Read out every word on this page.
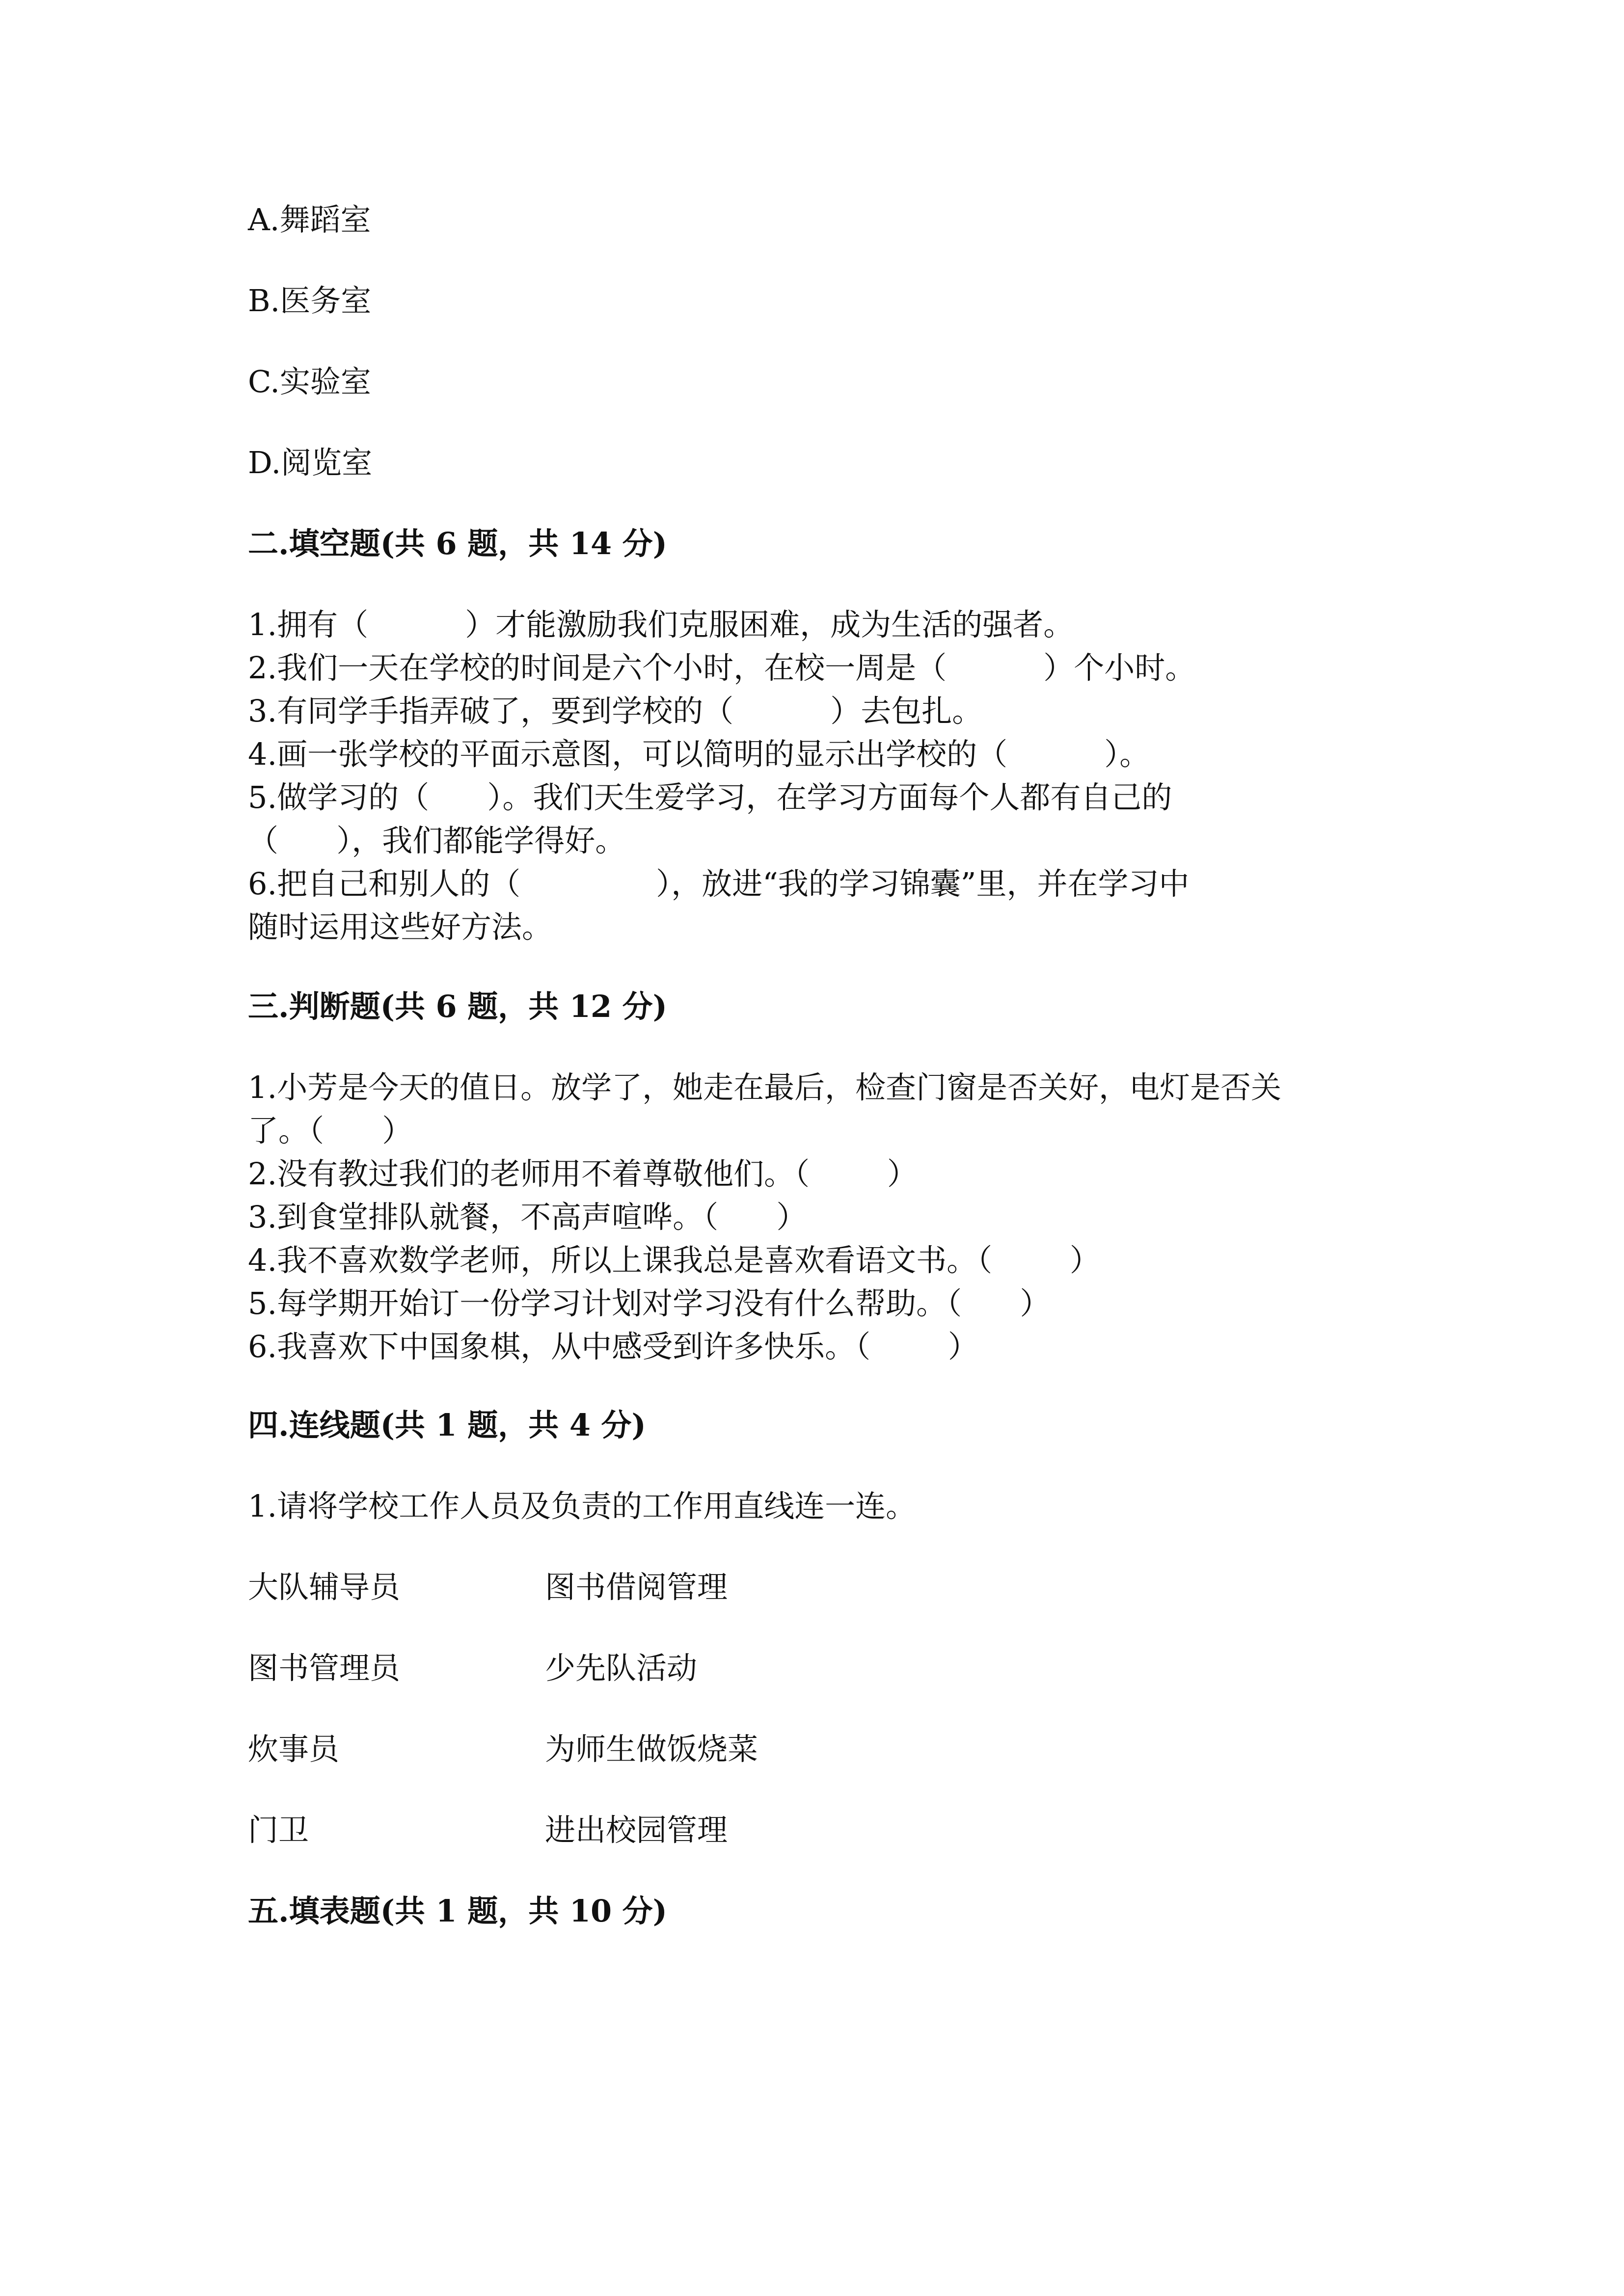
A.舞蹈室
B.医务室
C.实验室
D.阅览室
二.填空题(共 6 题，共 14 分)
1.拥有（          ）才能激励我们克服困难，成为生活的强者。
2.我们一天在学校的时间是六个小时，在校一周是（          ）个小时。
3.有同学手指弄破了，要到学校的（          ）去包扎。
4.画一张学校的平面示意图，可以简明的显示出学校的（          ）。
5.做学习的（      ）。我们天生爱学习，在学习方面每个人都有自己的
（      ），我们都能学得好。
6.把自己和别人的（              ），放进“我的学习锦囊”里，并在学习中
随时运用这些好方法。
三.判断题(共 6 题，共 12 分)
1.小芳是今天的值日。放学了，她走在最后，检查门窗是否关好，电灯是否关
了。（      ）
2.没有教过我们的老师用不着尊敬他们。（        ）
3.到食堂排队就餐，不高声喧哗。（      ）
4.我不喜欢数学老师，所以上课我总是喜欢看语文书。（        ）
5.每学期开始订一份学习计划对学习没有什么帮助。（      ）
6.我喜欢下中国象棋，从中感受到许多快乐。（        ）
四.连线题(共 1 题，共 4 分)
1.请将学校工作人员及负责的工作用直线连一连。
大队辅导员	图书借阅管理
图书管理员	少先队活动
炊事员	为师生做饭烧菜
门卫	进出校园管理
五.填表题(共 1 题，共 10 分)
